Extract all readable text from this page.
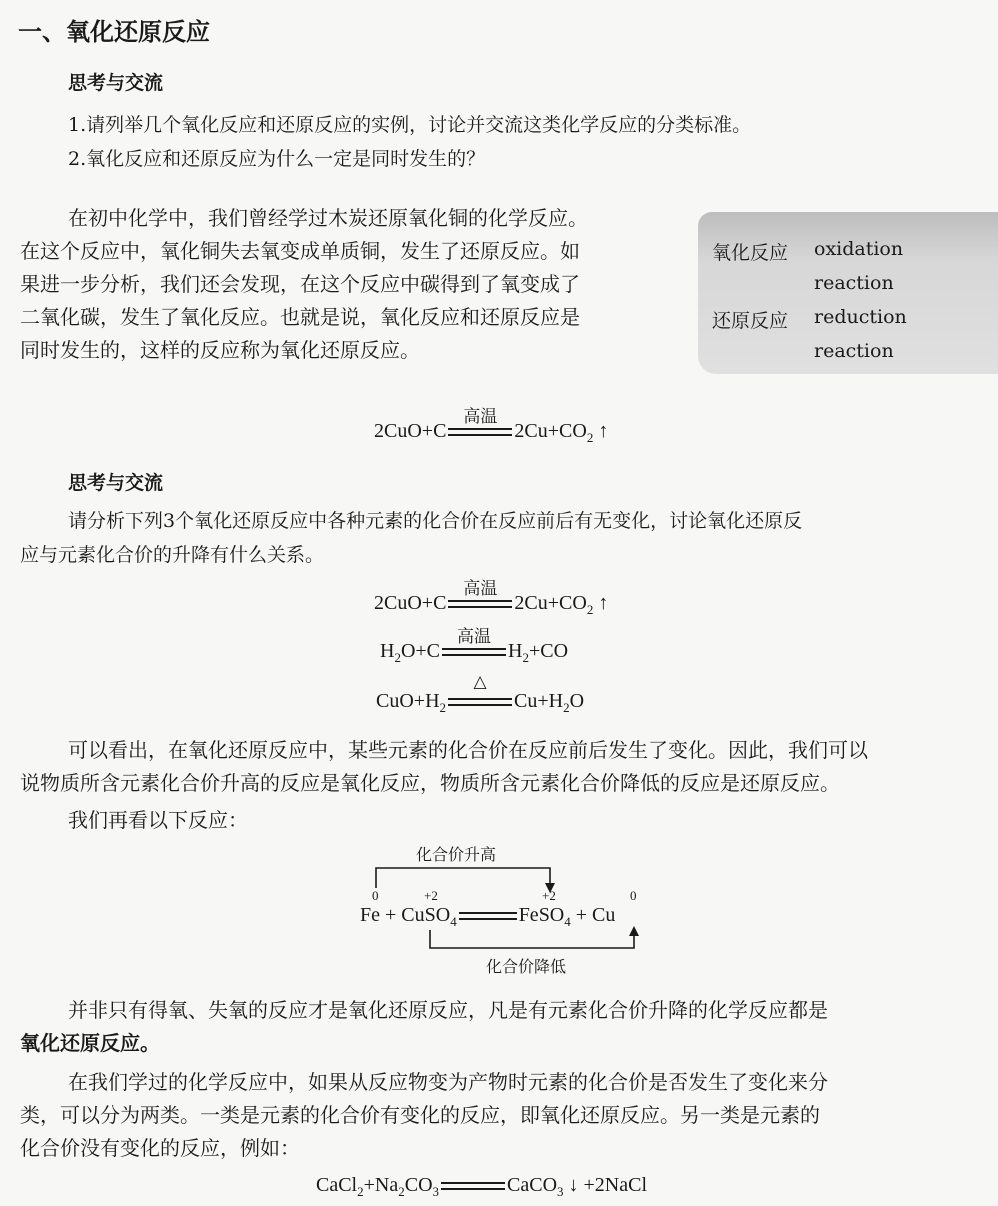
一、氧化还原反应
思考与交流
1.请列举几个氧化反应和还原反应的实例，讨论并交流这类化学反应的分类标准。
2.氧化反应和还原反应为什么一定是同时发生的？
在初中化学中，我们曾经学过木炭还原氧化铜的化学反应。
在这个反应中，氧化铜失去氧变成单质铜，发生了还原反应。如
果进一步分析，我们还会发现，在这个反应中碳得到了氧变成了
二氧化碳，发生了氧化反应。也就是说，氧化反应和还原反应是
同时发生的，这样的反应称为氧化还原反应。
氧化反应 oxidation
reaction
还原反应 reduction
reaction
2CuO+C
高温
$2Cu+CO_2$ ↑
思考与交流
请分析下列3个氧化还原反应中各种元素的化合价在反应前后有无变化，讨论氧化还原反
应与元素化合价的升降有什么关系。
2CuO+C
高温
$2Cu+CO_2$ ↑
$H_2O+C$
高温
$H_2+CO$
$CuO+H_2$
△
$Cu+H_2O$
可以看出，在氧化还原反应中，某些元素的化合价在反应前后发生了变化。因此，我们可以
说物质所含元素化合价升高的反应是氧化反应，物质所含元素化合价降低的反应是还原反应。
我们再看以下反应：
化合价升高
0	+2	+2	0
Fe + CuSO$_4$	FeSO$_4$ + Cu
化合价降低
并非只有得氧、失氧的反应才是氧化还原反应，凡是有元素化合价升降的化学反应都是
氧化还原反应。
在我们学过的化学反应中，如果从反应物变为产物时元素的化合价是否发生了变化来分
类，可以分为两类。一类是元素的化合价有变化的反应，即氧化还原反应。另一类是元素的
化合价没有变化的反应，例如：
$CaCl_2+Na_2CO_3$	CaCO$_3$ ↓ +2NaCl
